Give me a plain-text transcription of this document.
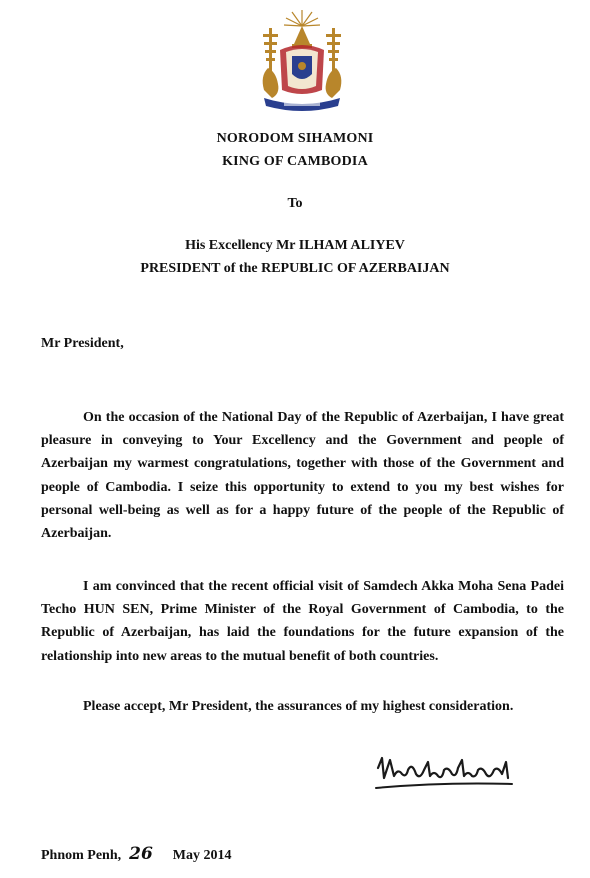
NORODOM SIHAMONI
KING OF CAMBODIA
To
His Excellency Mr ILHAM ALIYEV
PRESIDENT of the REPUBLIC OF AZERBAIJAN
Mr President,

On the occasion of the National Day of the Republic of Azerbaijan, I have great pleasure in conveying to Your Excellency and the Government and people of Azerbaijan my warmest congratulations, together with those of the Government and people of Cambodia. I seize this opportunity to extend to you my best wishes for personal well-being as well as for a happy future of the people of the Republic of Azerbaijan.

I am convinced that the recent official visit of Samdech Akka Moha Sena Padei Techo HUN SEN, Prime Minister of the Royal Government of Cambodia, to the Republic of Azerbaijan, has laid the foundations for the future expansion of the relationship into new areas to the mutual benefit of both countries.

Please accept, Mr President, the assurances of my highest consideration.

Phnom Penh, 26 May 2014
